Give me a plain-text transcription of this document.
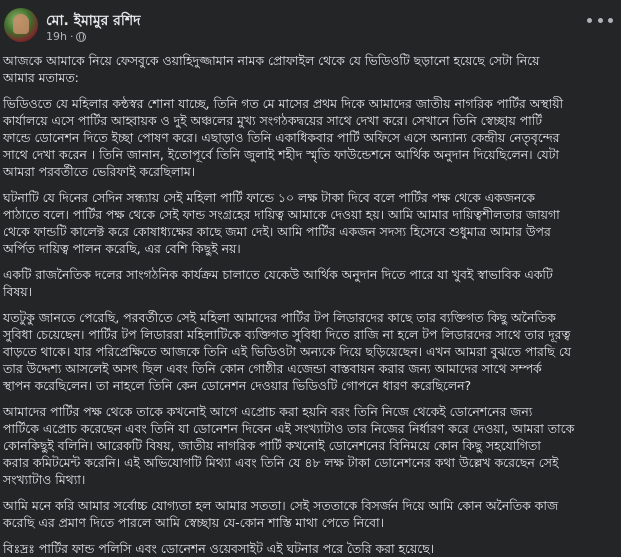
মো. ইমামুর রশিদ
19h ·
আজকে আমাকে নিয়ে ফেসবুকে ওয়াহিদুজ্জামান নামক প্রোফাইল থেকে যে ভিডিওটি ছড়ানো হয়েছে সেটা নিয়ে
আমার মতামত:
ভিডিওতে যে মহিলার কন্ঠস্বর শোনা যাচ্ছে, তিনি গত মে মাসের প্রথম দিকে আমাদের জাতীয় নাগরিক পার্টির অস্থায়ী
কার্যালয়ে এসে পার্টির আহ্বায়ক ও দুই অঞ্চলের মুখ্য সংগঠকদ্বয়ের সাথে দেখা করে। সেখানে তিনি স্বেচ্ছায় পার্টি
ফান্ডে ডোনেশন দিতে ইচ্ছা পোষণ করে। এছাড়াও তিনি একাধিকবার পার্টি অফিসে এসে অন্যান্য কেন্দ্রীয় নেতৃবৃন্দের
সাথে দেখা করেন । তিনি জানান, ইতোপূর্বে তিনি জুলাই শহীদ স্মৃতি ফাউন্ডেশনে আর্থিক অনুদান দিয়েছিলেন। যেটা
আমরা পরবর্তীতে ভেরিফাই করেছিলাম।
ঘটনাটি যে দিনের সেদিন সন্ধ্যায় সেই মহিলা পার্টি ফান্ডে ১০ লক্ষ টাকা দিবে বলে পার্টির পক্ষ থেকে একজনকে
পাঠাতে বলে। পার্টির পক্ষ থেকে সেই ফান্ড সংগ্রহের দায়িত্ব আমাকে দেওয়া হয়। আমি আমার দায়িত্বশীলতার জায়গা
থেকে ফান্ডটি কালেক্ট করে কোষাধ্যক্ষের কাছে জমা দেই। আমি পার্টির একজন সদস্য হিসেবে শুধুমাত্র আমার উপর
অর্পিত দায়িত্ব পালন করেছি, এর বেশি কিছুই নয়।
একটি রাজনৈতিক দলের সাংগঠনিক কার্যক্রম চালাতে যেকেউ আর্থিক অনুদান দিতে পারে যা খুবই স্বাভাবিক একটি
বিষয়।
যতটুকু জানতে পেরেছি, পরবর্তীতে সেই মহিলা আমাদের পার্টির টপ লিডারদের কাছে তার ব্যক্তিগত কিছু অনৈতিক
সুবিধা চেয়েছেন। পার্টির টপ লিডাররা মহিলাটিকে ব্যক্তিগত সুবিধা দিতে রাজি না হলে টপ লিডারদের সাথে তার দূরত্ব
বাড়তে থাকে। যার পরিপ্রেক্ষিতে আজকে তিনি এই ভিডিওটা অন্যকে দিয়ে ছড়িয়েছেন। এখন আমরা বুঝতে পারছি যে
তার উদ্দেশ্য আসলেই অসৎ ছিল এবং তিনি কোন গোষ্ঠীর এজেন্ডা বাস্তবায়ন করার জন্য আমাদের সাথে সম্পর্ক
স্থাপন করেছিলেন। তা নাহলে তিনি কেন ডোনেশন দেওয়ার ভিডিওটি গোপনে ধারণ করেছিলেন?
আমাদের পার্টির পক্ষ থেকে তাকে কখনোই আগে এপ্রোচ করা হয়নি বরং তিনি নিজে থেকেই ডোনেশনের জন্য
পার্টিকে এপ্রোচ করেছেন এবং তিনি যা ডোনেশন দিবেন এই সংখ্যাটাও তার নিজের নির্ধারণ করে দেওয়া, আমরা তাকে
কোনকিছুই বলিনি। আরেকটি বিষয়, জাতীয় নাগরিক পার্টি কখনোই ডোনেশনের বিনিময়ে কোন কিছু সহযোগিতা
করার কমিটমেন্ট করেনি। এই অভিযোগটি মিথ্যা এবং তিনি যে ৪৮ লক্ষ টাকা ডোনেশনের কথা উল্লেখ করেছেন সেই
সংখ্যাটাও মিথ্যা।
আমি মনে করি আমার সর্বোচ্চ যোগ্যতা হল আমার সততা। সেই সততাকে বিসর্জন দিয়ে আমি কোন অনৈতিক কাজ
করেছি এর প্রমাণ দিতে পারলে আমি স্বেচ্ছায় যে-কোন শাস্তি মাথা পেতে নিবো।
বিঃদ্রঃ পার্টির ফান্ড পলিসি এবং ডোনেশন ওয়েবসাইট এই ঘটনার পরে তৈরি করা হয়েছে।
